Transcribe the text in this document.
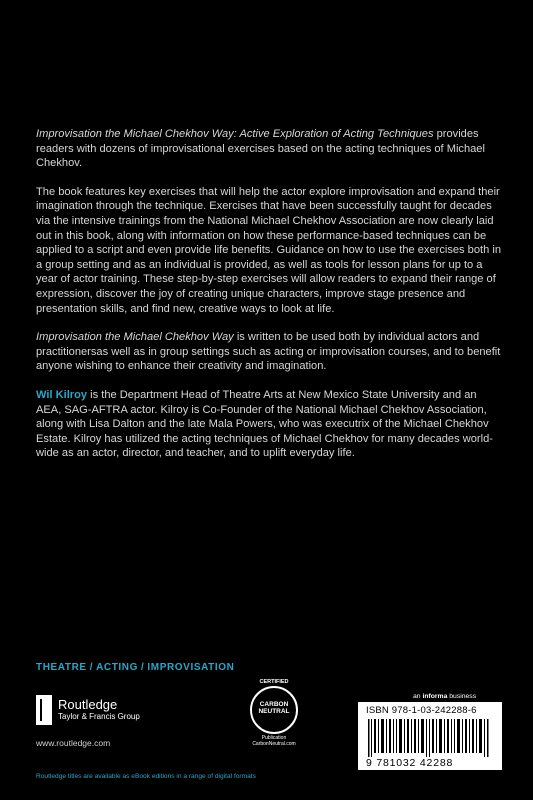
Improvisation the Michael Chekhov Way: Active Exploration of Acting Techniques provides readers with dozens of improvisational exercises based on the acting techniques of Michael Chekhov.

The book features key exercises that will help the actor explore improvisation and expand their imagination through the technique. Exercises that have been successfully taught for decades via the intensive trainings from the National Michael Chekhov Association are now clearly laid out in this book, along with information on how these performance-based techniques can be applied to a script and even provide life benefits. Guidance on how to use the exercises both in a group setting and as an individual is provided, as well as tools for lesson plans for up to a year of actor training. These step-by-step exercises will allow readers to expand their range of expression, discover the joy of creating unique characters, improve stage presence and presentation skills, and find new, creative ways to look at life.

Improvisation the Michael Chekhov Way is written to be used both by individual actors and practitionersas well as in group settings such as acting or improvisation courses, and to benefit anyone wishing to enhance their creativity and imagination.

Wil Kilroy is the Department Head of Theatre Arts at New Mexico State University and an AEA, SAG-AFTRA actor. Kilroy is Co-Founder of the National Michael Chekhov Association, along with Lisa Dalton and the late Mala Powers, who was executrix of the Michael Chekhov Estate. Kilroy has utilized the acting techniques of Michael Chekhov for many decades world-wide as an actor, director, and teacher, and to uplift everyday life.

THEATRE / ACTING / IMPROVISATION
Routledge
Taylor & Francis Group
www.routledge.com
CERTIFIED
CARBON
NEUTRAL
Publication
CarbonNeutral.com
an informa business
ISBN 978-1-03-242288-6
9 781032 42288
Routledge titles are available as eBook editions in a range of digital formats
